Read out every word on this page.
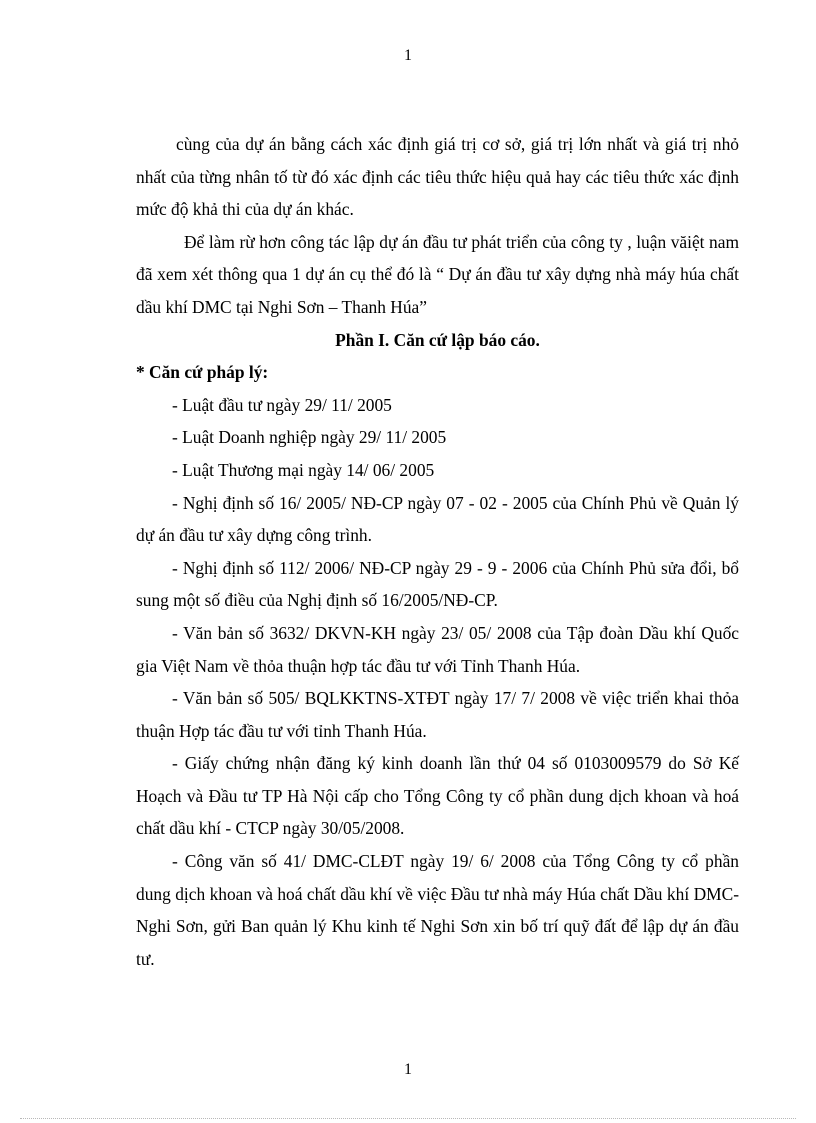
1

cùng của dự án bằng cách xác định giá trị cơ sở, giá trị lớn nhất và giá trị nhỏ nhất của từng nhân tố từ đó xác định các tiêu thức hiệu quả hay các tiêu thức xác định mức độ khả thi của dự án khác.

Để làm rừ hơn công tác lập dự án đầu tư phát triển của công ty , luận văiệt nam đã xem xét thông qua 1 dự án cụ thể đó là “ Dự án đầu tư xây dựng nhà máy húa chất dầu khí DMC tại Nghi Sơn – Thanh Húa”

Phần I. Căn cứ lập báo cáo.

* Căn cứ pháp lý:

- Luật đầu tư ngày 29/ 11/ 2005

- Luật Doanh nghiệp ngày 29/ 11/ 2005

- Luật Thương mại ngày 14/ 06/ 2005

- Nghị định số 16/ 2005/ NĐ-CP ngày 07 - 02 - 2005 của Chính Phủ về Quản lý dự án đầu tư xây dựng công trình.

- Nghị định số 112/ 2006/ NĐ-CP ngày 29 - 9 - 2006 của Chính Phủ sửa đổi, bổ sung một số điều của Nghị định số 16/2005/NĐ-CP.

- Văn bản số 3632/ DKVN-KH ngày 23/ 05/ 2008 của Tập đoàn Dầu khí Quốc gia Việt Nam về thỏa thuận hợp tác đầu tư với Tỉnh Thanh Húa.

- Văn bản số 505/ BQLKKTNS-XTĐT ngày 17/ 7/ 2008 về việc triển khai thỏa thuận Hợp tác đầu tư với tỉnh Thanh Húa.

- Giấy chứng nhận đăng ký kinh doanh lần thứ 04 số 0103009579 do Sở Kế Hoạch và Đầu tư TP Hà Nội cấp cho Tổng Công ty cổ phần dung dịch khoan và hoá chất dầu khí - CTCP ngày 30/05/2008.

- Công văn số 41/ DMC-CLĐT ngày 19/ 6/ 2008 của Tổng Công ty cổ phần dung dịch khoan và hoá chất dầu khí về việc Đầu tư nhà máy Húa chất Dầu khí DMC- Nghi Sơn, gửi Ban quản lý Khu kinh tế Nghi Sơn xin bố trí quỹ đất để lập dự án đầu tư.

1
